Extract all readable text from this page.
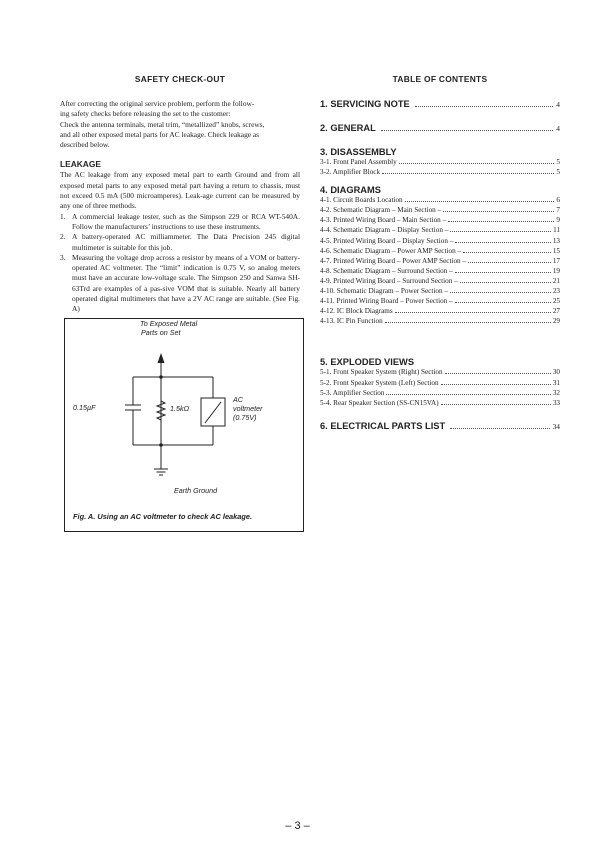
SAFETY CHECK-OUT

After correcting the original service problem, perform the follow-
ing safety checks before releasing the set to the customer:
Check the antenna terminals, metal trim, “metallized” knobs, screws,
and all other exposed metal parts for AC leakage. Check leakage as
described below.

LEAKAGE

The AC leakage from any exposed metal part to earth Ground and from all exposed metal parts to any exposed metal part having a return to chassis, must not exceed 0.5 mA (500 microamperes). Leak-age current can be measured by any one of three methods.

1. A commercial leakage tester, such as the Simpson 229 or RCA WT-540A. Follow the manufacturers’ instructions to use these instruments.
2. A battery-operated AC milliammeter. The Data Precision 245 digital multimeter is suitable for this job.
3. Measuring the voltage drop across a resistor by means of a VOM or battery-operated AC voltmeter. The “limit” indication is 0.75 V, so analog meters must have an accurate low-voltage scale. The Simpson 250 and Sanwa SH-63Trd are examples of a pas-sive VOM that is suitable. Nearly all battery operated digital multimeters that have a 2V AC range are suitable. (See Fig. A)
To Exposed Metal
Parts on Set
0.15µF	1.5kΩ
AC
voltmeter
(0.75V)
Earth Ground
Fig. A. Using an AC voltmeter to check AC leakage.

TABLE OF CONTENTS

1. SERVICING NOTE	4
2. GENERAL	4
3. DISASSEMBLY
3-1. Front Panel Assembly	5
3-2. Amplifier Block	5
4. DIAGRAMS
4-1. Circuit Boards Location	6
4-2. Schematic Diagram – Main Section –	7
4-3. Printed Wiring Board – Main Section –	9
4-4. Schematic Diagram – Display Section –	11
4-5. Printed Wiring Board – Display Section –	13
4-6. Schematic Diagram – Power AMP Section –	15
4-7. Printed Wiring Board – Power AMP Section –	17
4-8. Schematic Diagram – Surround Section –	19
4-9. Printed Wiring Board – Surround Section –	21
4-10. Schematic Diagram – Power Section –	23
4-11. Printed Wiring Board – Power Section –	25
4-12. IC Block Diagrams	27
4-13. IC Pin Function	29
5. EXPLODED VIEWS
5-1. Front Speaker System (Right) Section	30
5-2. Front Speaker System (Left) Section	31
5-3. Amplifier Section	32
5-4. Rear Speaker Section (SS-CN15VA)	33
6. ELECTRICAL PARTS LIST	34
– 3 –
